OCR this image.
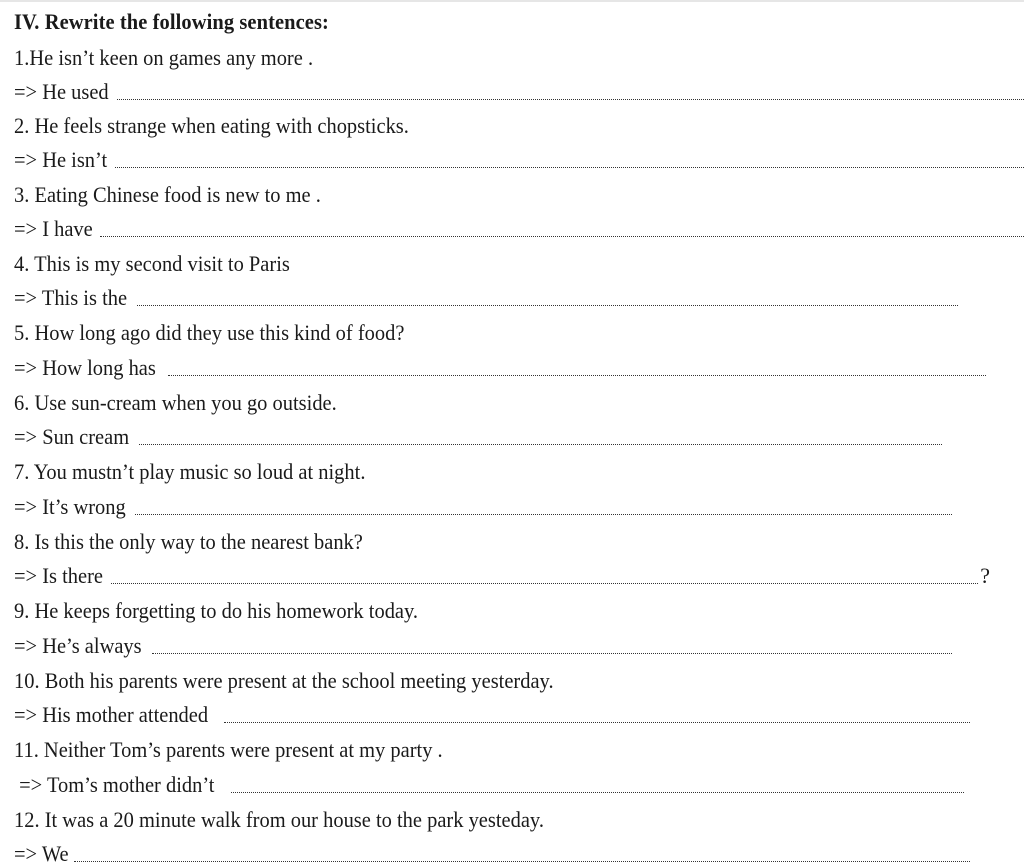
IV. Rewrite the following sentences:
1.He isn’t keen on games any more .
=> He used
2. He feels strange when eating with chopsticks.
=> He isn’t
3. Eating Chinese food is new to me .
=> I have
4. This is my second visit to Paris
=> This is the
5. How long ago did they use this kind of food?
=> How long has
6. Use sun-cream when you go outside.
=> Sun cream
7. You mustn’t play music so loud at night.
=> It’s wrong
8. Is this the only way to the nearest bank?
=> Is there	?
9. He keeps forgetting to do his homework today.
=> He’s always
10. Both his parents were present at the school meeting yesterday.
=> His mother attended
11. Neither Tom’s parents were present at my party .
=> Tom’s mother didn’t
12. It was a 20 minute walk from our house to the park yesteday.
=> We
